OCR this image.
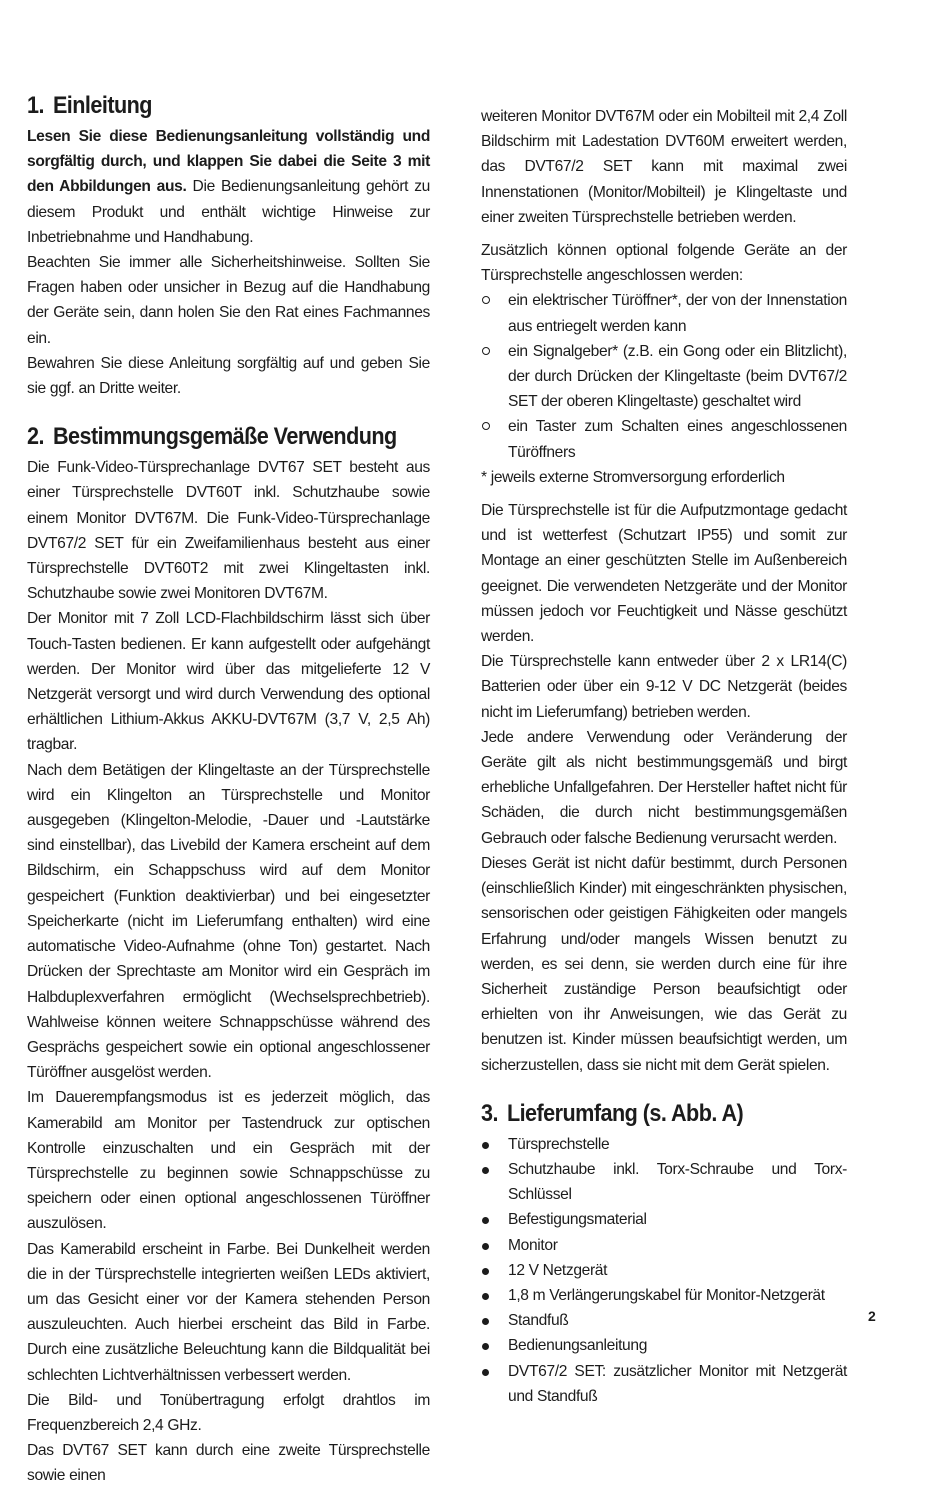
1. Einleitung

Lesen Sie diese Bedienungsanleitung vollständig und sorgfältig durch, und klappen Sie dabei die Seite 3 mit den Abbildungen aus. Die Bedienungsanleitung gehört zu diesem Produkt und enthält wichtige Hinweise zur Inbetriebnahme und Handhabung.

Beachten Sie immer alle Sicherheitshinweise. Sollten Sie Fragen haben oder unsicher in Bezug auf die Handhabung der Geräte sein, dann holen Sie den Rat eines Fachmannes ein.

Bewahren Sie diese Anleitung sorgfältig auf und geben Sie sie ggf. an Dritte weiter.

2. Bestimmungsgemäße Verwendung

Die Funk-Video-Türsprechanlage DVT67 SET besteht aus einer Türsprechstelle DVT60T inkl. Schutzhaube sowie einem Monitor DVT67M. Die Funk-Video-Türsprechanlage DVT67/2 SET für ein Zweifamilienhaus besteht aus einer Türsprechstelle DVT60T2 mit zwei Klingeltasten inkl. Schutzhaube sowie zwei Monitoren DVT67M.

Der Monitor mit 7 Zoll LCD-Flachbildschirm lässt sich über Touch-Tasten bedienen. Er kann aufgestellt oder aufgehängt werden. Der Monitor wird über das mitgelieferte 12 V Netzgerät versorgt und wird durch Verwendung des optional erhältlichen Lithium-Akkus AKKU-DVT67M (3,7 V, 2,5 Ah) tragbar.

Nach dem Betätigen der Klingeltaste an der Türsprechstelle wird ein Klingelton an Türsprechstelle und Monitor ausgegeben (Klingelton-Melodie, -Dauer und -Lautstärke sind einstellbar), das Livebild der Kamera erscheint auf dem Bildschirm, ein Schappschuss wird auf dem Monitor gespeichert (Funktion deaktivierbar) und bei eingesetzter Speicherkarte (nicht im Lieferumfang enthalten) wird eine automatische Video-Aufnahme (ohne Ton) gestartet. Nach Drücken der Sprechtaste am Monitor wird ein Gespräch im Halbduplexverfahren ermöglicht (Wechselsprechbetrieb). Wahlweise können weitere Schnappschüsse während des Gesprächs gespeichert sowie ein optional angeschlossener Türöffner ausgelöst werden.

Im Dauerempfangsmodus ist es jederzeit möglich, das Kamerabild am Monitor per Tastendruck zur optischen Kontrolle einzuschalten und ein Gespräch mit der Türsprechstelle zu beginnen sowie Schnappschüsse zu speichern oder einen optional angeschlossenen Türöffner auszulösen.

Das Kamerabild erscheint in Farbe. Bei Dunkelheit werden die in der Türsprechstelle integrierten weißen LEDs aktiviert, um das Gesicht einer vor der Kamera stehenden Person auszuleuchten. Auch hierbei erscheint das Bild in Farbe. Durch eine zusätzliche Beleuchtung kann die Bildqualität bei schlechten Lichtverhältnissen verbessert werden.

Die Bild- und Tonübertragung erfolgt drahtlos im Frequenzbereich 2,4 GHz.

Das DVT67 SET kann durch eine zweite Türsprechstelle sowie einen

weiteren Monitor DVT67M oder ein Mobilteil mit 2,4 Zoll Bildschirm mit Ladestation DVT60M erweitert werden, das DVT67/2 SET kann mit maximal zwei Innenstationen (Monitor/Mobilteil) je Klingeltaste und einer zweiten Türsprechstelle betrieben werden.

Zusätzlich können optional folgende Geräte an der Türsprechstelle angeschlossen werden:

ein elektrischer Türöffner*, der von der Innenstation aus entriegelt werden kann
ein Signalgeber* (z.B. ein Gong oder ein Blitzlicht), der durch Drücken der Klingeltaste (beim DVT67/2 SET der oberen Klingeltaste) geschaltet wird
ein Taster zum Schalten eines angeschlossenen Türöffners

* jeweils externe Stromversorgung erforderlich

Die Türsprechstelle ist für die Aufputzmontage gedacht und ist wetterfest (Schutzart IP55) und somit zur Montage an einer geschützten Stelle im Außenbereich geeignet. Die verwendeten Netzgeräte und der Monitor müssen jedoch vor Feuchtigkeit und Nässe geschützt werden.

Die Türsprechstelle kann entweder über 2 x LR14(C) Batterien oder über ein 9-12 V DC Netzgerät (beides nicht im Lieferumfang) betrieben werden.

Jede andere Verwendung oder Veränderung der Geräte gilt als nicht bestimmungsgemäß und birgt erhebliche Unfallgefahren. Der Hersteller haftet nicht für Schäden, die durch nicht bestimmungsgemäßen Gebrauch oder falsche Bedienung verursacht werden.

Dieses Gerät ist nicht dafür bestimmt, durch Personen (einschließlich Kinder) mit eingeschränkten physischen, sensorischen oder geistigen Fähigkeiten oder mangels Erfahrung und/oder mangels Wissen benutzt zu werden, es sei denn, sie werden durch eine für ihre Sicherheit zuständige Person beaufsichtigt oder erhielten von ihr Anweisungen, wie das Gerät zu benutzen ist. Kinder müssen beaufsichtigt werden, um sicherzustellen, dass sie nicht mit dem Gerät spielen.

3. Lieferumfang (s. Abb. A)
Türsprechstelle
Schutzhaube inkl. Torx-Schraube und Torx-Schlüssel
Befestigungsmaterial
Monitor
12 V Netzgerät
1,8 m Verlängerungskabel für Monitor-Netzgerät
Standfuß
Bedienungsanleitung
DVT67/2 SET: zusätzlicher Monitor mit Netzgerät und Standfuß
2
